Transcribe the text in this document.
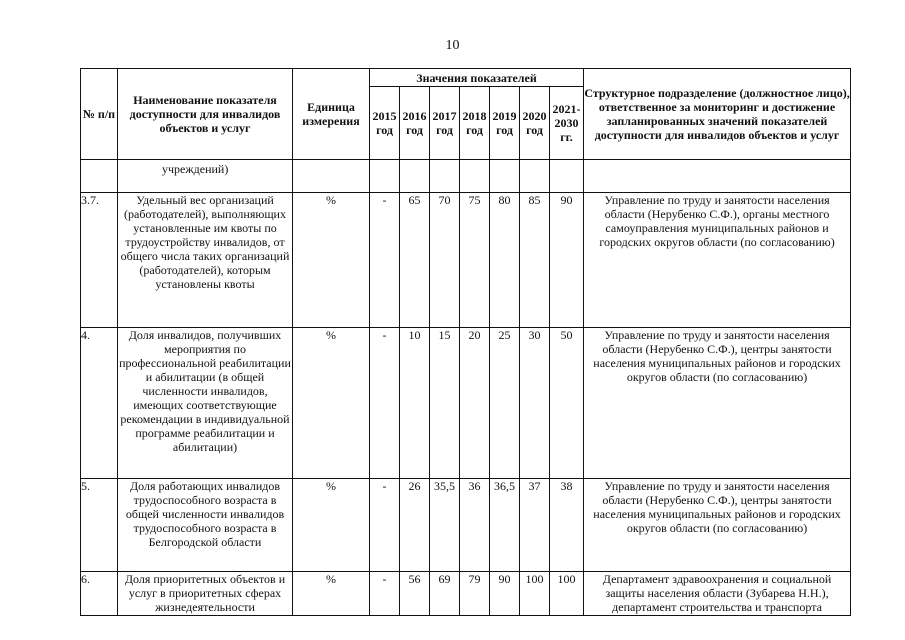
10
№ п/п	Наименование показателя доступности для инвалидов объектов и услуг	Единица измерения	Значения показателей							Структурное подразделение (должностное лицо), ответственное за мониторинг и достижение запланированных значений показателей доступности для инвалидов объектов и услуг
			2015 год	2016 год	2017 год	2018 год	2019 год	2020 год	2021-2030 гг.	

	учреждений)									

3.7.	Удельный вес организаций (работодателей), выполняющих установленные им квоты по трудоустройству инвалидов, от общего числа таких организаций (работодателей), которым установлены квоты	%	-	65	70	75	80	85	90	Управление по труду и занятости населения области (Нерубенко С.Ф.), органы местного самоуправления муниципальных районов и городских округов области (по согласованию)
4.	Доля инвалидов, получивших мероприятия по профессиональной реабилитации и абилитации (в общей численности инвалидов, имеющих соответствующие рекомендации в индивидуальной программе реабилитации и абилитации)	%	-	10	15	20	25	30	50	Управление по труду и занятости населения области (Нерубенко С.Ф.), центры занятости населения муниципальных районов и городских округов области (по согласованию)
5.	Доля работающих инвалидов трудоспособного возраста в общей численности инвалидов трудоспособного возраста в Белгородской области	%	-	26	35,5	36	36,5	37	38	Управление по труду и занятости населения области (Нерубенко С.Ф.), центры занятости населения муниципальных районов и городских округов области (по согласованию)
6.	Доля приоритетных объектов и услуг в приоритетных сферах жизнедеятельности	%	-	56	69	79	90	100	100	Департамент здравоохранения и социальной защиты населения области (Зубарева Н.Н.), департамент строительства и транспорта
